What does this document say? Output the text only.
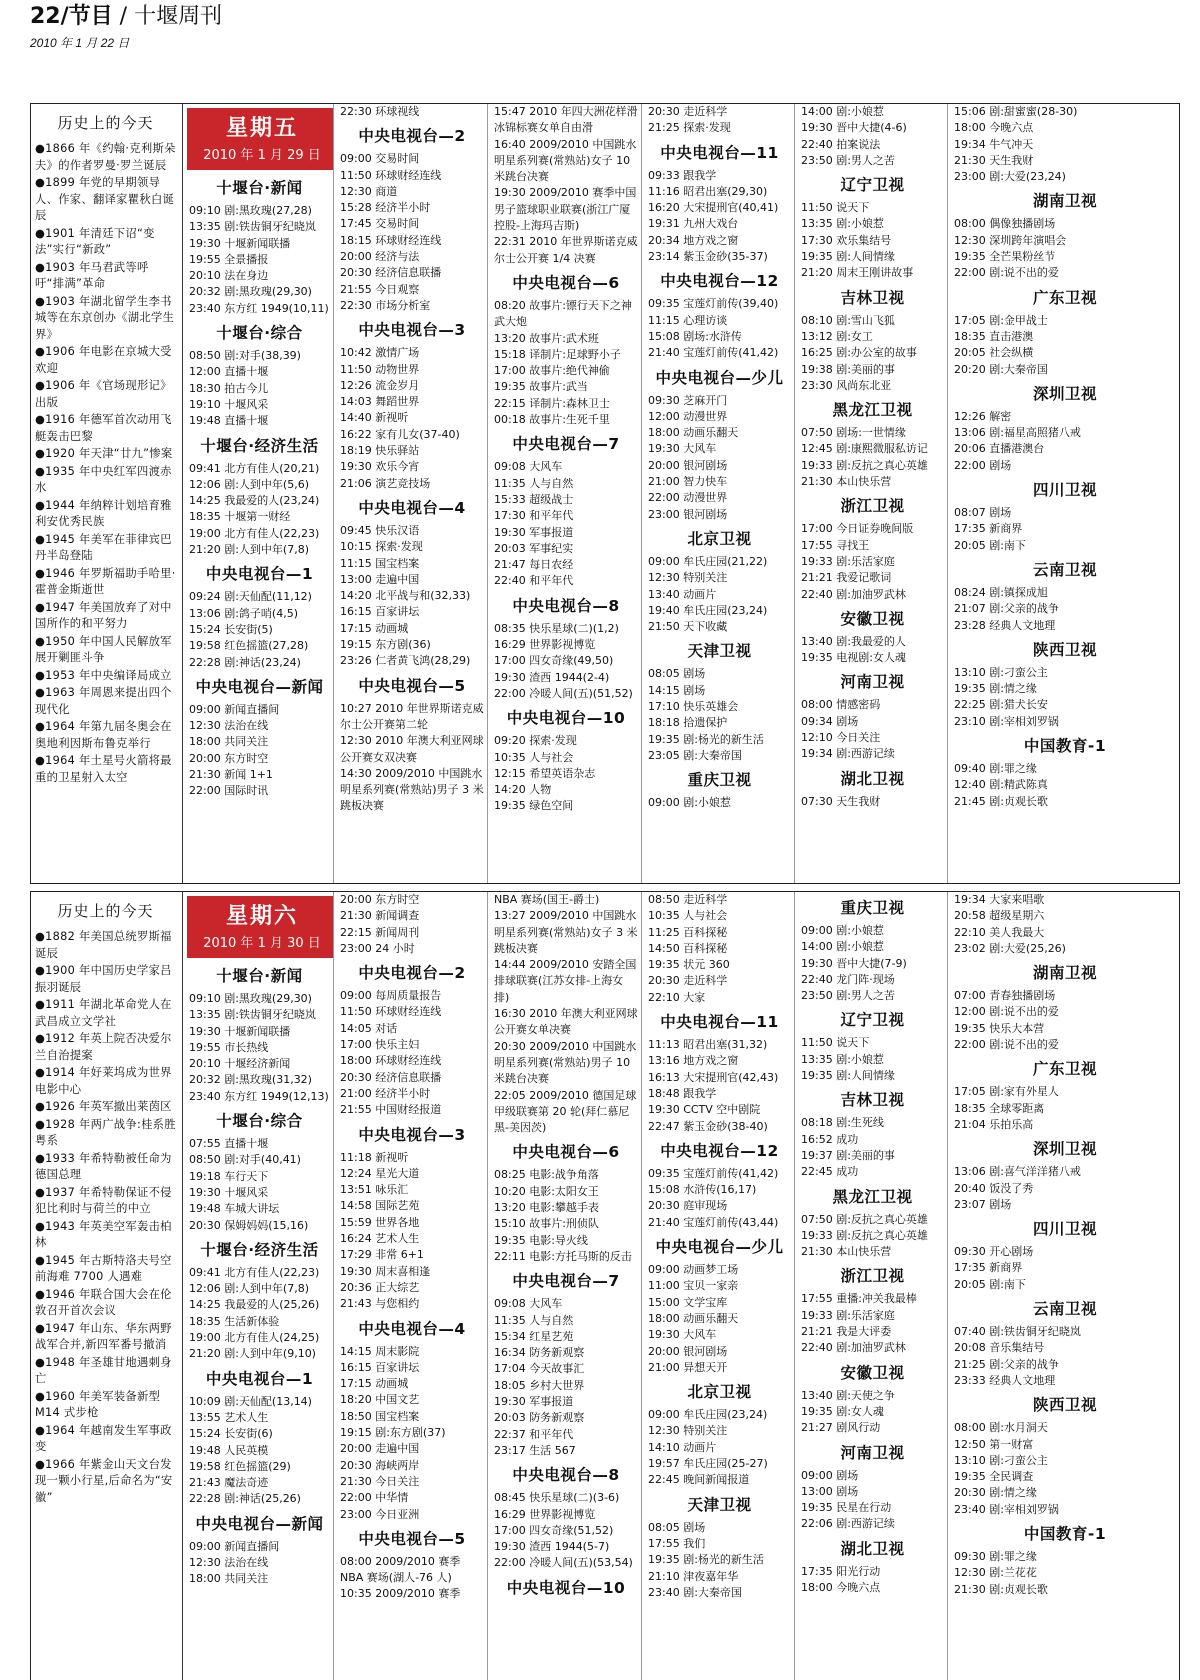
22/节目 / 十堰周刊
2010 年 1 月 22 日
历史上的今天
●1866 年《约翰·克利斯朵夫》的作者罗曼·罗兰诞辰
●1899 年党的早期领导人、作家、翻译家瞿秋白诞辰
●1901 年清廷下诏“变法”实行“新政”
●1903 年马君武等呼吁“排满”革命
●1903 年湖北留学生李书城等在东京创办《湖北学生界》
●1906 年电影在京城大受欢迎
●1906 年《官场现形记》出版
●1916 年德军首次动用飞艇轰击巴黎
●1920 年天津“廿九”惨案
●1935 年中央红军四渡赤水
●1944 年纳粹计划培育雅利安优秀民族
●1945 年美军在菲律宾巴丹半岛登陆
●1946 年罗斯福助手哈里·霍普金斯逝世
●1947 年美国放弃了对中国所作的和平努力
●1950 年中国人民解放军展开剿匪斗争
●1953 年中央编译局成立
●1963 年周恩来提出四个现代化
●1964 年第九届冬奥会在奥地利因斯布鲁克举行
●1964 年土星号火箭将最重的卫星射入太空
星期五
2010 年 1 月 29 日
十堰台·新闻
09:10 剧:黑玫瑰(27,28)
13:35 剧:铁齿铜牙纪晓岚
19:30 十堰新闻联播
19:55 全景播报
20:10 法在身边
20:32 剧:黑玫瑰(29,30)
23:40 东方红 1949(10,11)
十堰台·综合
08:50 剧:对手(38,39)
12:00 直播十堰
18:30 拍古今儿
19:10 十堰风采
19:48 直播十堰
十堰台·经济生活
09:41 北方有佳人(20,21)
12:06 剧:人到中年(5,6)
14:25 我最爱的人(23,24)
18:35 十堰第一财经
19:00 北方有佳人(22,23)
21:20 剧:人到中年(7,8)
中央电视台—1
09:24 剧:天仙配(11,12)
13:06 剧:鸽子哨(4,5)
15:24 长安街(5)
19:58 红色摇篮(27,28)
22:28 剧:神话(23,24)
中央电视台—新闻
09:00 新闻直播间
12:30 法治在线
18:00 共同关注
20:00 东方时空
21:30 新闻 1+1
22:00 国际时讯
22:30 环球视线
中央电视台—2
09:00 交易时间
11:50 环球财经连线
12:30 商道
15:28 经济半小时
17:45 交易时间
18:15 环球财经连线
20:00 经济与法
20:30 经济信息联播
21:55 今日观察
22:30 市场分析室
中央电视台—3
10:42 激情广场
11:50 动物世界
12:26 流金岁月
14:03 舞蹈世界
14:40 新视听
16:22 家有儿女(37-40)
18:19 快乐驿站
19:30 欢乐今宵
21:06 演艺竞技场
中央电视台—4
09:45 快乐汉语
10:15 探索·发现
11:15 国宝档案
13:00 走遍中国
14:20 北平战与和(32,33)
16:15 百家讲坛
17:15 动画城
19:15 东方剧(36)
23:26 仁者黄飞鸿(28,29)
中央电视台—5
10:27 2010 年世界斯诺克威尔士公开赛第二轮
12:30 2010 年澳大利亚网球公开赛女双决赛
14:30 2009/2010 中国跳水明星系列赛(常熟站)男子 3 米跳板决赛
15:47 2010 年四大洲花样滑冰锦标赛女单自由滑
16:40 2009/2010 中国跳水明星系列赛(常熟站)女子 10 米跳台决赛
19:30 2009/2010 赛季中国男子篮球职业联赛(浙江广厦控股-上海玛吉斯)
22:31 2010 年世界斯诺克威尔士公开赛 1/4 决赛
中央电视台—6
08:20 故事片:镖行天下之神武大炮
13:20 故事片:武术班
15:18 译制片:足球野小子
17:00 故事片:绝代神偷
19:35 故事片:武当
22:15 译制片:森林卫士
00:18 故事片:生死千里
中央电视台—7
09:08 大风车
11:35 人与自然
15:33 超级战士
17:30 和平年代
19:30 军事报道
20:03 军事纪实
21:47 每日农经
22:40 和平年代
中央电视台—8
08:35 快乐星球(二)(1,2)
16:29 世界影视博览
17:00 四女奇缘(49,50)
19:30 渣西 1944(2-4)
22:00 冷暖人间(五)(51,52)
中央电视台—10
09:20 探索·发现
10:35 人与社会
12:15 希望英语杂志
14:20 人物
19:35 绿色空间
20:30 走近科学
21:25 探索·发现
中央电视台—11
09:33 跟我学
11:16 昭君出塞(29,30)
16:20 大宋提刑官(40,41)
19:31 九州大戏台
20:34 地方戏之窗
23:14 紫玉金砂(35-37)
中央电视台—12
09:35 宝莲灯前传(39,40)
11:15 心理访谈
15:08 剧场:水浒传
21:40 宝莲灯前传(41,42)
中央电视台—少儿
09:30 芝麻开门
12:00 动漫世界
18:00 动画乐翻天
19:30 大风车
20:00 银河剧场
21:00 智力快车
22:00 动漫世界
23:00 银河剧场
北京卫视
09:00 牟氏庄园(21,22)
12:30 特别关注
13:40 动画片
19:40 牟氏庄园(23,24)
21:50 天下收藏
天津卫视
08:05 剧场
14:15 剧场
17:10 快乐英雄会
18:18 拾遗保护
19:35 剧:杨光的新生活
23:05 剧:大秦帝国
重庆卫视
09:00 剧:小娘惹
14:00 剧:小娘惹
19:30 晋中大捷(4-6)
22:40 拍案说法
23:50 剧:男人之苦
辽宁卫视
11:50 说天下
13:35 剧:小娘惹
17:30 欢乐集结号
19:35 剧:人间情缘
21:20 周末王刚讲故事
吉林卫视
08:10 剧:雪山飞狐
13:12 剧:女工
16:25 剧:办公室的故事
19:38 剧:美丽的事
23:30 风尚东北亚
黑龙江卫视
07:50 剧场:一世情缘
12:45 剧:康熙微服私访记
19:33 剧:反抗之真心英雄
21:30 本山快乐营
浙江卫视
17:00 今日证券晚间版
17:55 寻找王
19:33 剧:乐活家庭
21:21 我爱记歌词
22:40 剧:加油罗武林
安徽卫视
13:40 剧:我最爱的人
19:35 电视剧:女人魂
河南卫视
08:00 情感密码
09:34 剧场
12:10 今日关注
19:34 剧:西游记续
湖北卫视
07:30 天生我财
15:06 剧:甜蜜蜜(28-30)
18:00 今晚六点
19:34 牛气冲天
21:30 天生我财
23:00 剧:大爱(23,24)
湖南卫视
08:00 偶像独播剧场
12:30 深圳跨年演唱会
19:35 全芒果粉丝节
22:00 剧:说不出的爱
广东卫视
17:05 剧:金甲战士
18:35 直击港澳
20:05 社会纵横
20:20 剧:大秦帝国
深圳卫视
12:26 解密
13:06 剧:福星高照猪八戒
20:06 直播港澳台
22:00 剧场
四川卫视
08:07 剧场
17:35 新商界
20:05 剧:南下
云南卫视
08:24 剧:镇探成旭
21:07 剧:父亲的战争
23:28 经典人文地理
陕西卫视
13:10 剧:刁蛮公主
19:35 剧:情之缘
22:25 剧:猎犬长安
23:10 剧:宰相刘罗锅
中国教育-1
09:40 剧:罪之缘
12:40 剧:精武陈真
21:45 剧:贞观长歌
历史上的今天
●1882 年美国总统罗斯福诞辰
●1900 年中国历史学家吕振羽诞辰
●1911 年湖北革命党人在武昌成立文学社
●1912 年英上院否决爱尔兰自治提案
●1914 年好莱坞成为世界电影中心
●1926 年英军撤出莱茵区
●1928 年两广战争:桂系胜粤系
●1933 年希特勒被任命为德国总理
●1937 年希特勒保证不侵犯比利时与荷兰的中立
●1943 年英美空军轰击柏林
●1945 年古斯特洛夫号空前海难 7700 人遇难
●1946 年联合国大会在伦敦召开首次会议
●1947 年山东、华东两野战军合并,新四军番号撤消
●1948 年圣雄甘地遇刺身亡
●1960 年美军装备新型 M14 式步枪
●1964 年越南发生军事政变
●1966 年紫金山天文台发现一颗小行星,后命名为“安徽”
星期六
2010 年 1 月 30 日
十堰台·新闻
09:10 剧:黑玫瑰(29,30)
13:35 剧:铁齿铜牙纪晓岚
19:30 十堰新闻联播
19:55 市长热线
20:10 十堰经济新闻
20:32 剧:黑玫瑰(31,32)
23:40 东方红 1949(12,13)
十堰台·综合
07:55 直播十堰
08:50 剧:对手(40,41)
19:18 车行天下
19:30 十堰风采
19:48 车城大讲坛
20:30 保姆妈妈(15,16)
十堰台·经济生活
09:41 北方有佳人(22,23)
12:06 剧:人到中年(7,8)
14:25 我最爱的人(25,26)
18:35 生活新体验
19:00 北方有佳人(24,25)
21:20 剧:人到中年(9,10)
中央电视台—1
10:09 剧:天仙配(13,14)
13:55 艺术人生
15:24 长安街(6)
19:48 人民英模
19:58 红色摇篮(29)
21:43 魔法奇迹
22:28 剧:神话(25,26)
中央电视台—新闻
09:00 新闻直播间
12:30 法治在线
18:00 共同关注
20:00 东方时空
21:30 新闻调查
22:15 新闻周刊
23:00 24 小时
中央电视台—2
09:00 每周质量报告
11:50 环球财经连线
14:05 对话
17:00 快乐主妇
18:00 环球财经连线
20:30 经济信息联播
21:00 经济半小时
21:55 中国财经报道
中央电视台—3
11:18 新视听
12:24 星光大道
13:51 咏乐汇
14:58 国际艺苑
15:59 世界各地
16:24 艺术人生
17:29 非常 6+1
19:30 周末喜相逢
20:36 正大综艺
21:43 与您相约
中央电视台—4
14:15 周末影院
16:15 百家讲坛
17:15 动画城
18:20 中国文艺
18:50 国宝档案
19:15 剧:东方剧(37)
20:00 走遍中国
20:30 海峡两岸
21:30 今日关注
22:00 中华情
23:00 今日亚洲
中央电视台—5
08:00 2009/2010 赛季 NBA 赛场(湖人-76 人)
10:35 2009/2010 赛季
NBA 赛场(国王-爵士)
13:27 2009/2010 中国跳水明星系列赛(常熟站)女子 3 米跳板决赛
14:44 2009/2010 安踏全国排球联赛(江苏女排-上海女排)
16:30 2010 年澳大利亚网球公开赛女单决赛
20:30 2009/2010 中国跳水明星系列赛(常熟站)男子 10 米跳台决赛
22:05 2009/2010 德国足球甲级联赛第 20 轮(拜仁慕尼黑-美因茨)
中央电视台—6
08:25 电影:战争角落
10:20 电影:太阳女王
13:20 电影:攀越手表
15:10 故事片:刑侦队
19:35 电影:导火线
22:11 电影:方托马斯的反击
中央电视台—7
09:08 大风车
11:35 人与自然
15:34 红星艺苑
16:34 防务新观察
17:04 今天故事汇
18:05 乡村大世界
19:30 军事报道
20:03 防务新观察
22:37 和平年代
23:17 生活 567
中央电视台—8
08:45 快乐星球(二)(3-6)
16:29 世界影视博览
17:00 四女奇缘(51,52)
19:30 渣西 1944(5-7)
22:00 冷暖人间(五)(53,54)
中央电视台—10
08:50 走近科学
10:35 人与社会
11:25 百科探秘
14:50 百科探秘
19:35 状元 360
20:30 走近科学
22:10 大家
中央电视台—11
11:13 昭君出塞(31,32)
13:16 地方戏之窗
16:13 大宋提刑官(42,43)
18:48 跟我学
19:30 CCTV 空中剧院
22:47 紫玉金砂(38-40)
中央电视台—12
09:35 宝莲灯前传(41,42)
15:08 水浒传(16,17)
20:30 庭审现场
21:40 宝莲灯前传(43,44)
中央电视台—少儿
09:00 动画梦工场
11:00 宝贝一家亲
15:00 文学宝库
18:00 动画乐翻天
19:30 大风车
20:00 银河剧场
21:00 异想天开
北京卫视
09:00 牟氏庄园(23,24)
12:30 特别关注
14:10 动画片
19:57 牟氏庄园(25-27)
22:45 晚间新闻报道
天津卫视
08:05 剧场
17:55 我们
19:35 剧:杨光的新生活
21:10 津夜嘉年华
23:40 剧:大秦帝国
重庆卫视
09:00 剧:小娘惹
14:00 剧:小娘惹
19:30 晋中大捷(7-9)
22:40 龙门阵·现场
23:50 剧:男人之苦
辽宁卫视
11:50 说天下
13:35 剧:小娘惹
19:35 剧:人间情缘
吉林卫视
08:18 剧:生死线
16:52 成功
19:37 剧:美丽的事
22:45 成功
黑龙江卫视
07:50 剧:反抗之真心英雄
19:33 剧:反抗之真心英雄
21:30 本山快乐营
浙江卫视
17:55 重播:冲关我最棒
19:33 剧:乐活家庭
21:21 我是大评委
22:40 剧:加油罗武林
安徽卫视
13:40 剧:天使之争
19:35 剧:女人魂
21:27 剧风行动
河南卫视
09:00 剧场
13:00 剧场
19:35 民星在行动
22:06 剧:西游记续
湖北卫视
17:35 阳光行动
18:00 今晚六点
19:34 大家来唱歌
20:58 超级星期六
22:10 美人我最大
23:02 剧:大爱(25,26)
湖南卫视
07:00 青春独播剧场
12:00 剧:说不出的爱
19:35 快乐大本营
22:00 剧:说不出的爱
广东卫视
17:05 剧:家有外星人
18:35 全球零距离
21:04 乐拍乐高
深圳卫视
13:06 剧:喜气洋洋猪八戒
20:40 饭没了秀
23:07 剧场
四川卫视
09:30 开心剧场
17:35 新商界
20:05 剧:南下
云南卫视
07:40 剧:铁齿铜牙纪晓岚
20:08 音乐集结号
21:25 剧:父亲的战争
23:33 经典人文地理
陕西卫视
08:00 剧:水月洞天
12:50 第一财富
13:10 剧:刁蛮公主
19:35 全民调查
20:30 剧:情之缘
23:40 剧:宰相刘罗锅
中国教育-1
09:30 剧:罪之缘
12:30 剧:兰花花
21:30 剧:贞观长歌
